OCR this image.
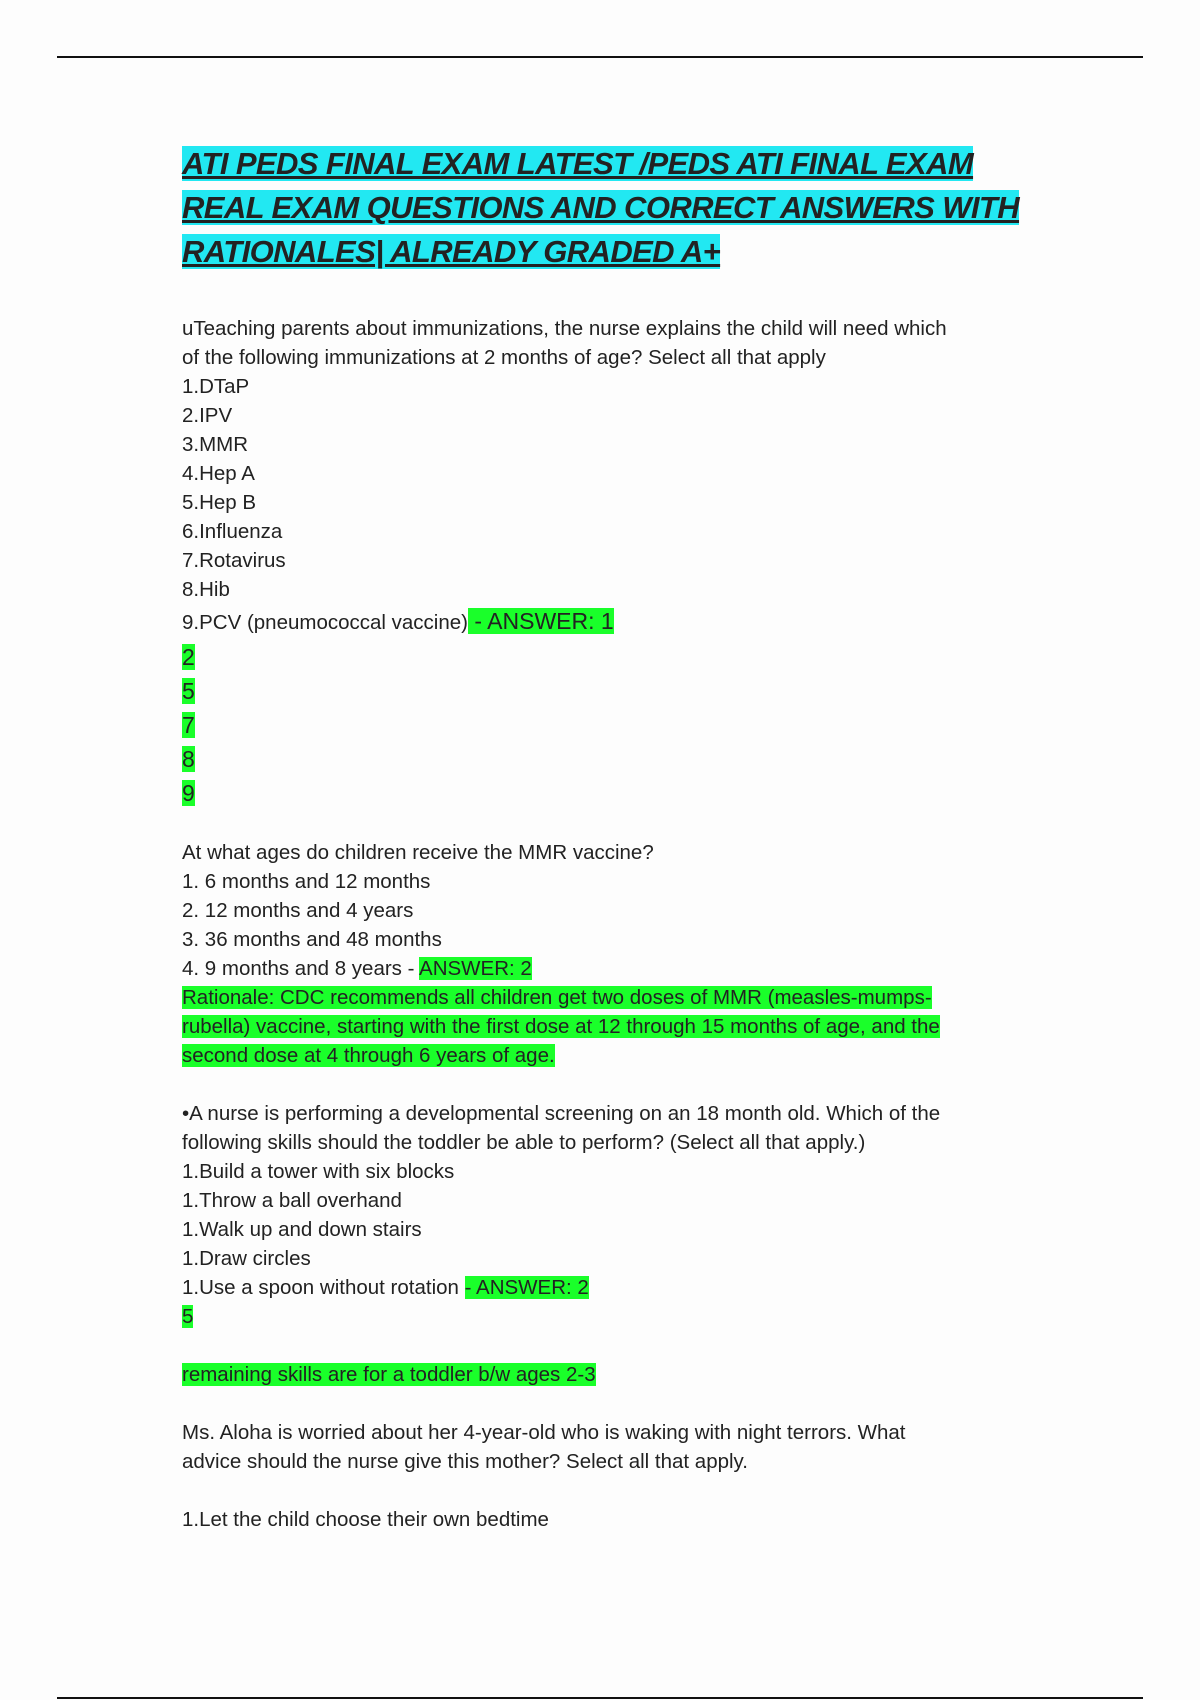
ATI PEDS FINAL EXAM LATEST /PEDS ATI FINAL EXAM
REAL EXAM QUESTIONS AND CORRECT ANSWERS WITH
RATIONALES| ALREADY GRADED A+
uTeaching parents about immunizations, the nurse explains the child will need which
of the following immunizations at 2 months of age? Select all that apply
1.DTaP
2.IPV
3.MMR
4.Hep A
5.Hep B
6.Influenza
7.Rotavirus
8.Hib
9.PCV (pneumococcal vaccine) - ANSWER: 1
2
5
7
8
9
At what ages do children receive the MMR vaccine?
1. 6 months and 12 months
2. 12 months and 4 years
3. 36 months and 48 months
4. 9 months and 8 years - ANSWER: 2
Rationale: CDC recommends all children get two doses of MMR (measles-mumps-
rubella) vaccine, starting with the first dose at 12 through 15 months of age, and the
second dose at 4 through 6 years of age.
•A nurse is performing a developmental screening on an 18 month old. Which of the
following skills should the toddler be able to perform? (Select all that apply.)
1.Build a tower with six blocks
1.Throw a ball overhand
1.Walk up and down stairs
1.Draw circles
1.Use a spoon without rotation - ANSWER: 2
5
remaining skills are for a toddler b/w ages 2-3
Ms. Aloha is worried about her 4-year-old who is waking with night terrors. What
advice should the nurse give this mother? Select all that apply.
1.Let the child choose their own bedtime
